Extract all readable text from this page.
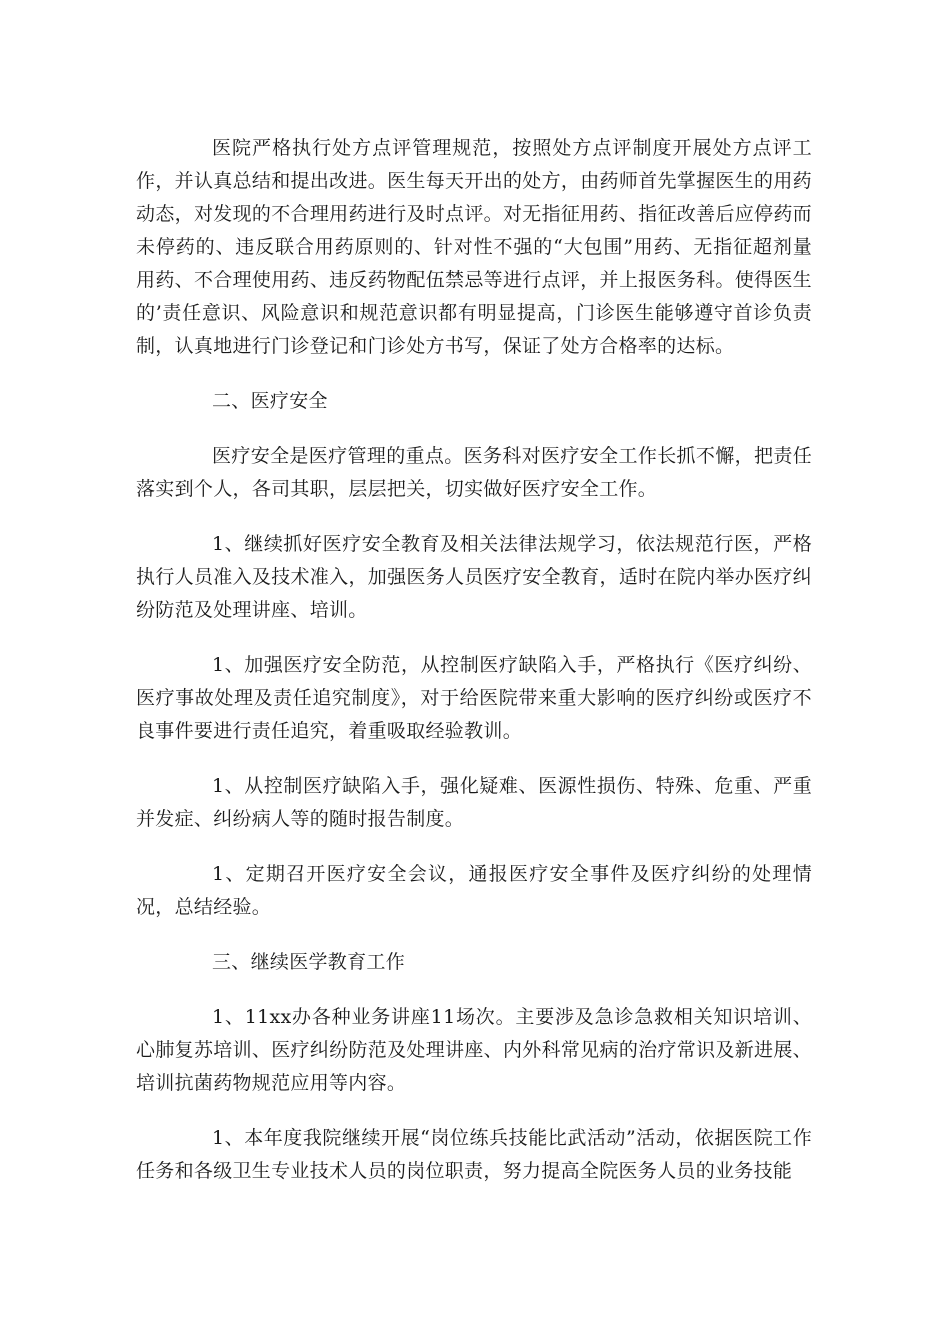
医院严格执行处方点评管理规范，按照处方点评制度开展处方点评工作，并认真总结和提出改进。医生每天开出的处方，由药师首先掌握医生的用药动态，对发现的不合理用药进行及时点评。对无指征用药、指征改善后应停药而未停药的、违反联合用药原则的、针对性不强的“大包围”用药、无指征超剂量用药、不合理使用药、违反药物配伍禁忌等进行点评，并上报医务科。使得医生的’责任意识、风险意识和规范意识都有明显提高，门诊医生能够遵守首诊负责制，认真地进行门诊登记和门诊处方书写，保证了处方合格率的达标。

二、医疗安全

医疗安全是医疗管理的重点。医务科对医疗安全工作长抓不懈，把责任落实到个人，各司其职，层层把关，切实做好医疗安全工作。

1、继续抓好医疗安全教育及相关法律法规学习，依法规范行医，严格执行人员准入及技术准入，加强医务人员医疗安全教育，适时在院内举办医疗纠纷防范及处理讲座、培训。

1、加强医疗安全防范，从控制医疗缺陷入手，严格执行《医疗纠纷、医疗事故处理及责任追究制度》，对于给医院带来重大影响的医疗纠纷或医疗不良事件要进行责任追究，着重吸取经验教训。

1、从控制医疗缺陷入手，强化疑难、医源性损伤、特殊、危重、严重并发症、纠纷病人等的随时报告制度。

1、定期召开医疗安全会议，通报医疗安全事件及医疗纠纷的处理情况，总结经验。

三、继续医学教育工作

1、11xx办各种业务讲座11场次。主要涉及急诊急救相关知识培训、心肺复苏培训、医疗纠纷防范及处理讲座、内外科常见病的治疗常识及新进展、培训抗菌药物规范应用等内容。

1、本年度我院继续开展“岗位练兵技能比武活动”活动，依据医院工作任务和各级卫生专业技术人员的岗位职责，努力提高全院医务人员的业务技能
